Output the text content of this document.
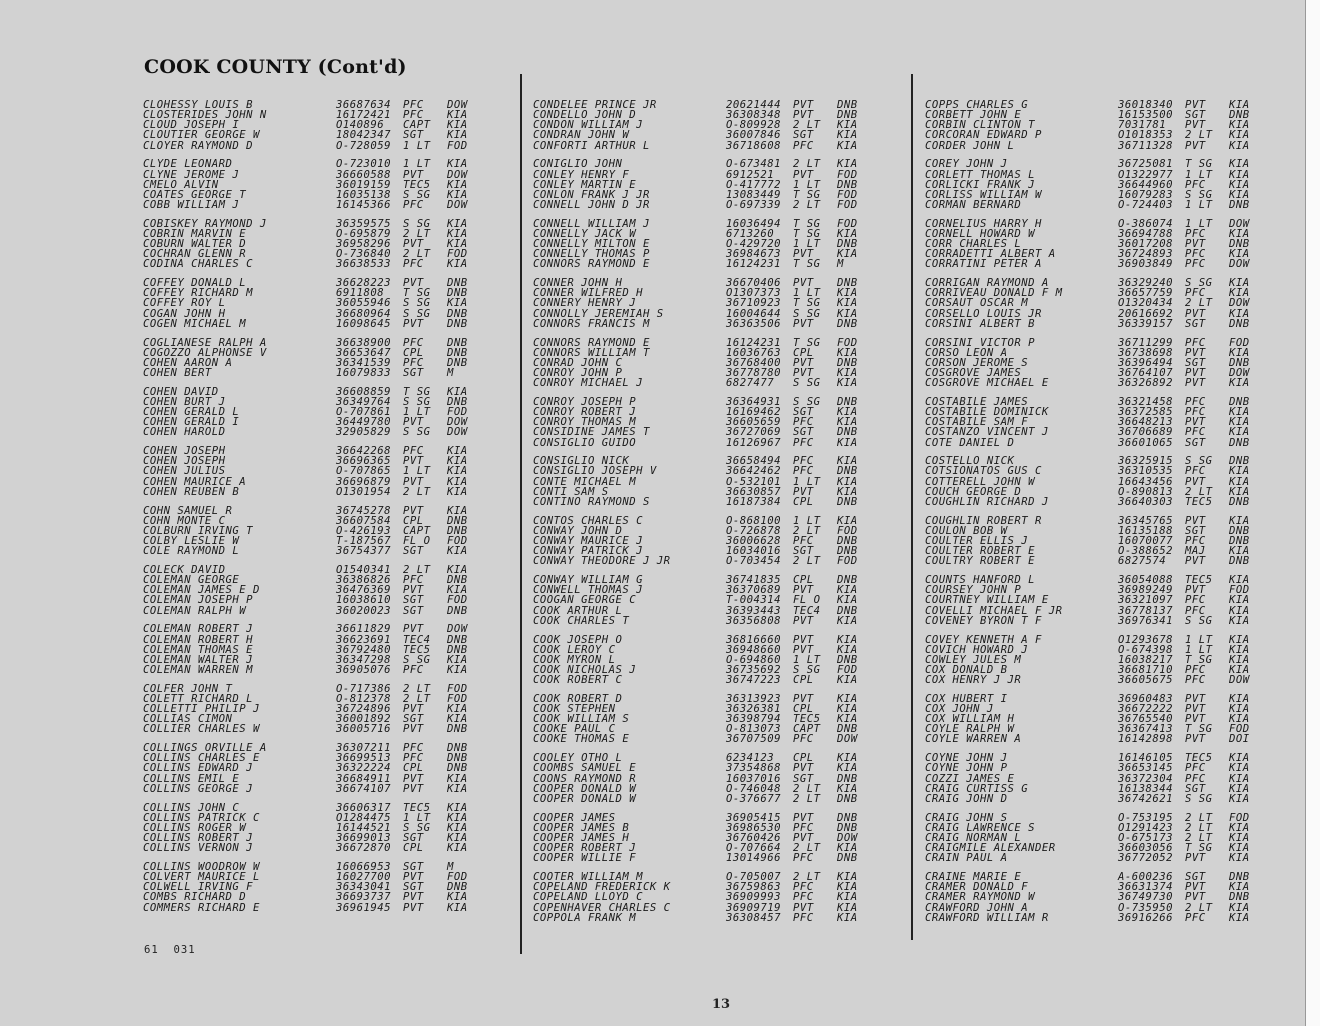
COOK COUNTY (Cont'd)
CLOHESSY LOUIS B	36687634	PFC	DOW
CLOSTERIDES JOHN N	16172421	PFC	KIA
CLOUD JOSEPH I	O140896	CAPT	KIA
CLOUTIER GEORGE W	18042347	SGT	KIA
CLOYER RAYMOND D	O-728059	1 LT	FOD
CLYDE LEONARD	O-723010	1 LT	KIA
CLYNE JEROME J	36660588	PVT	DOW
CMELO ALVIN	36019159	TEC5	KIA
COATES GEORGE T	16035138	S SG	KIA
COBB WILLIAM J	16145366	PFC	DOW
COBISKEY RAYMOND J	36359575	S SG	KIA
COBRIN MARVIN E	O-695879	2 LT	KIA
COBURN WALTER D	36958296	PVT	KIA
COCHRAN GLENN R	O-736840	2 LT	FOD
CODINA CHARLES C	36638533	PFC	KIA
COFFEY DONALD L	36628223	PVT	DNB
COFFEY RICHARD M	6911808	T SG	DNB
COFFEY ROY L	36055946	S SG	KIA
COGAN JOHN H	36680964	S SG	DNB
COGEN MICHAEL M	16098645	PVT	DNB
COGLIANESE RALPH A	36638900	PFC	DNB
COGOZZO ALPHONSE V	36653647	CPL	DNB
COHEN AARON A	36341539	PFC	DNB
COHEN BERT	16079833	SGT	M
COHEN DAVID	36608859	T SG	KIA
COHEN BURT J	36349764	S SG	DNB
COHEN GERALD L	O-707861	1 LT	FOD
COHEN GERALD I	36449780	PVT	DOW
COHEN HAROLD	32905829	S SG	DOW
COHEN JOSEPH	36642268	PFC	KIA
COHEN JOSEPH	36696365	PVT	KIA
COHEN JULIUS	O-707865	1 LT	KIA
COHEN MAURICE A	36696879	PVT	KIA
COHEN REUBEN B	O1301954	2 LT	KIA
COHN SAMUEL R	36745278	PVT	KIA
COHN MONTE C	36607584	CPL	DNB
COLBURN IRVING T	O-426193	CAPT	DNB
COLBY LESLIE W	T-187567	FL O	FOD
COLE RAYMOND L	36754377	SGT	KIA
COLECK DAVID	O1540341	2 LT	KIA
COLEMAN GEORGE	36386826	PFC	DNB
COLEMAN JAMES E D	36476369	PVT	KIA
COLEMAN JOSEPH P	16038610	SGT	FOD
COLEMAN RALPH W	36020023	SGT	DNB
COLEMAN ROBERT J	36611829	PVT	DOW
COLEMAN ROBERT H	36623691	TEC4	DNB
COLEMAN THOMAS E	36792480	TEC5	DNB
COLEMAN WALTER J	36347298	S SG	KIA
COLEMAN WARREN M	36905076	PFC	KIA
COLFER JOHN T	O-717386	2 LT	FOD
COLETT RICHARD L	O-812378	2 LT	FOD
COLLETTI PHILIP J	36724896	PVT	KIA
COLLIAS CIMON	36001892	SGT	KIA
COLLIER CHARLES W	36005716	PVT	DNB
COLLINGS ORVILLE A	36307211	PFC	DNB
COLLINS CHARLES E	36699513	PFC	DNB
COLLINS EDWARD J	36322224	CPL	DNB
COLLINS EMIL E	36684911	PVT	KIA
COLLINS GEORGE J	36674107	PVT	KIA
COLLINS JOHN C	36606317	TEC5	KIA
COLLINS PATRICK C	O1284475	1 LT	KIA
COLLINS ROGER W	16144521	S SG	KIA
COLLINS ROBERT J	36699013	SGT	KIA
COLLINS VERNON J	36672870	CPL	KIA
COLLINS WOODROW W	16066953	SGT	M
COLVERT MAURICE L	16027700	PVT	FOD
COLWELL IRVING F	36343041	SGT	DNB
COMBS RICHARD D	36693737	PVT	KIA
COMMERS RICHARD E	36961945	PVT	KIA
CONDELEE PRINCE JR	20621444	PVT	DNB
CONDELLO JOHN D	36308348	PVT	DNB
CONDON WILLIAM J	O-809928	2 LT	KIA
CONDRAN JOHN W	36007846	SGT	KIA
CONFORTI ARTHUR L	36718608	PFC	KIA
CONIGLIO JOHN	O-673481	2 LT	KIA
CONLEY HENRY F	6912521	PVT	FOD
CONLEY MARTIN E	O-417772	1 LT	DNB
CONLON FRANK J JR	13083449	T SG	FOD
CONNELL JOHN D JR	O-697339	2 LT	FOD
CONNELL WILLIAM J	16036494	T SG	FOD
CONNELLY JACK W	6713260	T SG	KIA
CONNELLY MILTON E	O-429720	1 LT	DNB
CONNELLY THOMAS P	36984673	PVT	KIA
CONNORS RAYMOND E	16124231	T SG	M
CONNER JOHN H	36670406	PVT	DNB
CONNER WILFRED H	O1307373	1 LT	KIA
CONNERY HENRY J	36710923	T SG	KIA
CONNOLLY JEREMIAH S	16004644	S SG	KIA
CONNORS FRANCIS M	36363506	PVT	DNB
CONNORS RAYMOND E	16124231	T SG	FOD
CONNORS WILLIAM T	16036763	CPL	KIA
CONRAD JOHN C	36768400	PVT	DNB
CONROY JOHN P	36778780	PVT	KIA
CONROY MICHAEL J	6827477	S SG	KIA
CONROY JOSEPH P	36364931	S SG	DNB
CONROY ROBERT J	16169462	SGT	KIA
CONROY THOMAS M	36605659	PFC	KIA
CONSIDINE JAMES T	36727069	SGT	DNB
CONSIGLIO GUIDO	16126967	PFC	KIA
CONSIGLIO NICK	36658494	PFC	KIA
CONSIGLIO JOSEPH V	36642462	PFC	DNB
CONTE MICHAEL M	O-532101	1 LT	KIA
CONTI SAM S	36630857	PVT	KIA
CONTINO RAYMOND S	16187384	CPL	DNB
CONTOS CHARLES C	O-868100	1 LT	KIA
CONWAY JOHN D	O-726878	2 LT	FOD
CONWAY MAURICE J	36006628	PFC	DNB
CONWAY PATRICK J	16034016	SGT	DNB
CONWAY THEODORE J JR	O-703454	2 LT	FOD
CONWAY WILLIAM G	36741835	CPL	DNB
CONWELL THOMAS J	36370689	PVT	KIA
COOGAN GEORGE C	T-004314	FL O	KIA
COOK ARTHUR L	36393443	TEC4	DNB
COOK CHARLES T	36356808	PVT	KIA
COOK JOSEPH O	36816660	PVT	KIA
COOK LEROY C	36948660	PVT	KIA
COOK MYRON L	O-694860	1 LT	DNB
COOK NICHOLAS J	36735692	S SG	FOD
COOK ROBERT C	36747223	CPL	KIA
COOK ROBERT D	36313923	PVT	KIA
COOK STEPHEN	36326381	CPL	KIA
COOK WILLIAM S	36398794	TEC5	KIA
COOKE PAUL C	O-813073	CAPT	DNB
COOKE THOMAS E	36707509	PFC	DOW
COOLEY OTHO L	6234123	CPL	KIA
COOMBS SAMUEL E	37354868	PVT	KIA
COONS RAYMOND R	16037016	SGT	DNB
COOPER DONALD W	O-746048	2 LT	KIA
COOPER DONALD W	O-376677	2 LT	DNB
COOPER JAMES	36905415	PVT	DNB
COOPER JAMES B	36986530	PFC	DNB
COOPER JAMES H	36760426	PVT	DOW
COOPER ROBERT J	O-707664	2 LT	KIA
COOPER WILLIE F	13014966	PFC	DNB
COOTER WILLIAM M	O-705007	2 LT	KIA
COPELAND FREDERICK K	36759863	PFC	KIA
COPELAND LLOYD C	36909993	PFC	KIA
COPENHAVER CHARLES C	36909719	PVT	KIA
COPPOLA FRANK M	36308457	PFC	KIA
COPPS CHARLES G	36018340	PVT	KIA
CORBETT JOHN E	16153500	SGT	DNB
CORBIN CLINTON T	7031781	PVT	KIA
CORCORAN EDWARD P	O1018353	2 LT	KIA
CORDER JOHN L	36711328	PVT	KIA
COREY JOHN J	36725081	T SG	KIA
CORLETT THOMAS L	O1322977	1 LT	KIA
CORLICKI FRANK J	36644960	PFC	KIA
CORLISS WILLIAM W	16079283	S SG	KIA
CORMAN BERNARD	O-724403	1 LT	DNB
CORNELIUS HARRY H	O-386074	1 LT	DOW
CORNELL HOWARD W	36694788	PFC	KIA
CORR CHARLES L	36017208	PVT	DNB
CORRADETTI ALBERT A	36724893	PFC	KIA
CORRATINI PETER A	36903849	PFC	DOW
CORRIGAN RAYMOND A	36329240	S SG	KIA
CORRIVEAU DONALD F M	36657759	PFC	KIA
CORSAUT OSCAR M	O1320434	2 LT	DOW
CORSELLO LOUIS JR	20616692	PVT	KIA
CORSINI ALBERT B	36339157	SGT	DNB
CORSINI VICTOR P	36711299	PFC	FOD
CORSO LEON A	36738698	PVT	KIA
CORSON JEROME S	36396494	SGT	DNB
COSGROVE JAMES	36764107	PVT	DOW
COSGROVE MICHAEL E	36326892	PVT	KIA
COSTABILE JAMES	36321458	PFC	DNB
COSTABILE DOMINICK	36372585	PFC	KIA
COSTABILE SAM F	36648213	PVT	KIA
COSTANZO VINCENT J	36706689	PFC	KIA
COTE DANIEL D	36601065	SGT	DNB
COSTELLO NICK	36325915	S SG	DNB
COTSIONATOS GUS C	36310535	PFC	KIA
COTTERELL JOHN W	16643456	PVT	KIA
COUCH GEORGE D	O-890813	2 LT	KIA
COUGHLIN RICHARD J	36640303	TEC5	DNB
COUGHLIN ROBERT R	36345765	PVT	KIA
COULON BOB W	16135188	SGT	DNB
COULTER ELLIS J	16070077	PFC	DNB
COULTER ROBERT E	O-388652	MAJ	KIA
COULTRY ROBERT E	6827574	PVT	DNB
COUNTS HANFORD L	36054088	TEC5	KIA
COURSEY JOHN P	36989249	PVT	FOD
COURTNEY WILLIAM E	36321097	PFC	KIA
COVELLI MICHAEL F JR	36778137	PFC	KIA
COVENEY BYRON T F	36976341	S SG	KIA
COVEY KENNETH A F	O1293678	1 LT	KIA
COVICH HOWARD J	O-674398	1 LT	KIA
COWLEY JULES M	16038217	T SG	KIA
COX DONALD B	36681710	PFC	KIA
COX HENRY J JR	36605675	PFC	DOW
COX HUBERT I	36960483	PVT	KIA
COX JOHN J	36672222	PVT	KIA
COX WILLIAM H	36765540	PVT	KIA
COYLE RALPH W	36367413	T SG	FOD
COYLE WARREN A	16142898	PVT	DOI
COYNE JOHN J	16146105	TEC5	KIA
COYNE JOHN P	36653145	PFC	KIA
COZZI JAMES E	36372304	PFC	KIA
CRAIG CURTISS G	16138344	SGT	KIA
CRAIG JOHN D	36742621	S SG	KIA
CRAIG JOHN S	O-753195	2 LT	FOD
CRAIG LAWRENCE S	O1291423	2 LT	KIA
CRAIG NORMAN L	O-675173	2 LT	KIA
CRAIGMILE ALEXANDER	36603056	T SG	KIA
CRAIN PAUL A	36772052	PVT	KIA
CRAINE MARIE E	A-600236	SGT	DNB
CRAMER DONALD F	36631374	PVT	KIA
CRAMER RAYMOND W	36749730	PVT	DNB
CRAWFORD JOHN A	O-735950	2 LT	KIA
CRAWFORD WILLIAM R	36916266	PFC	KIA
61  031
13
